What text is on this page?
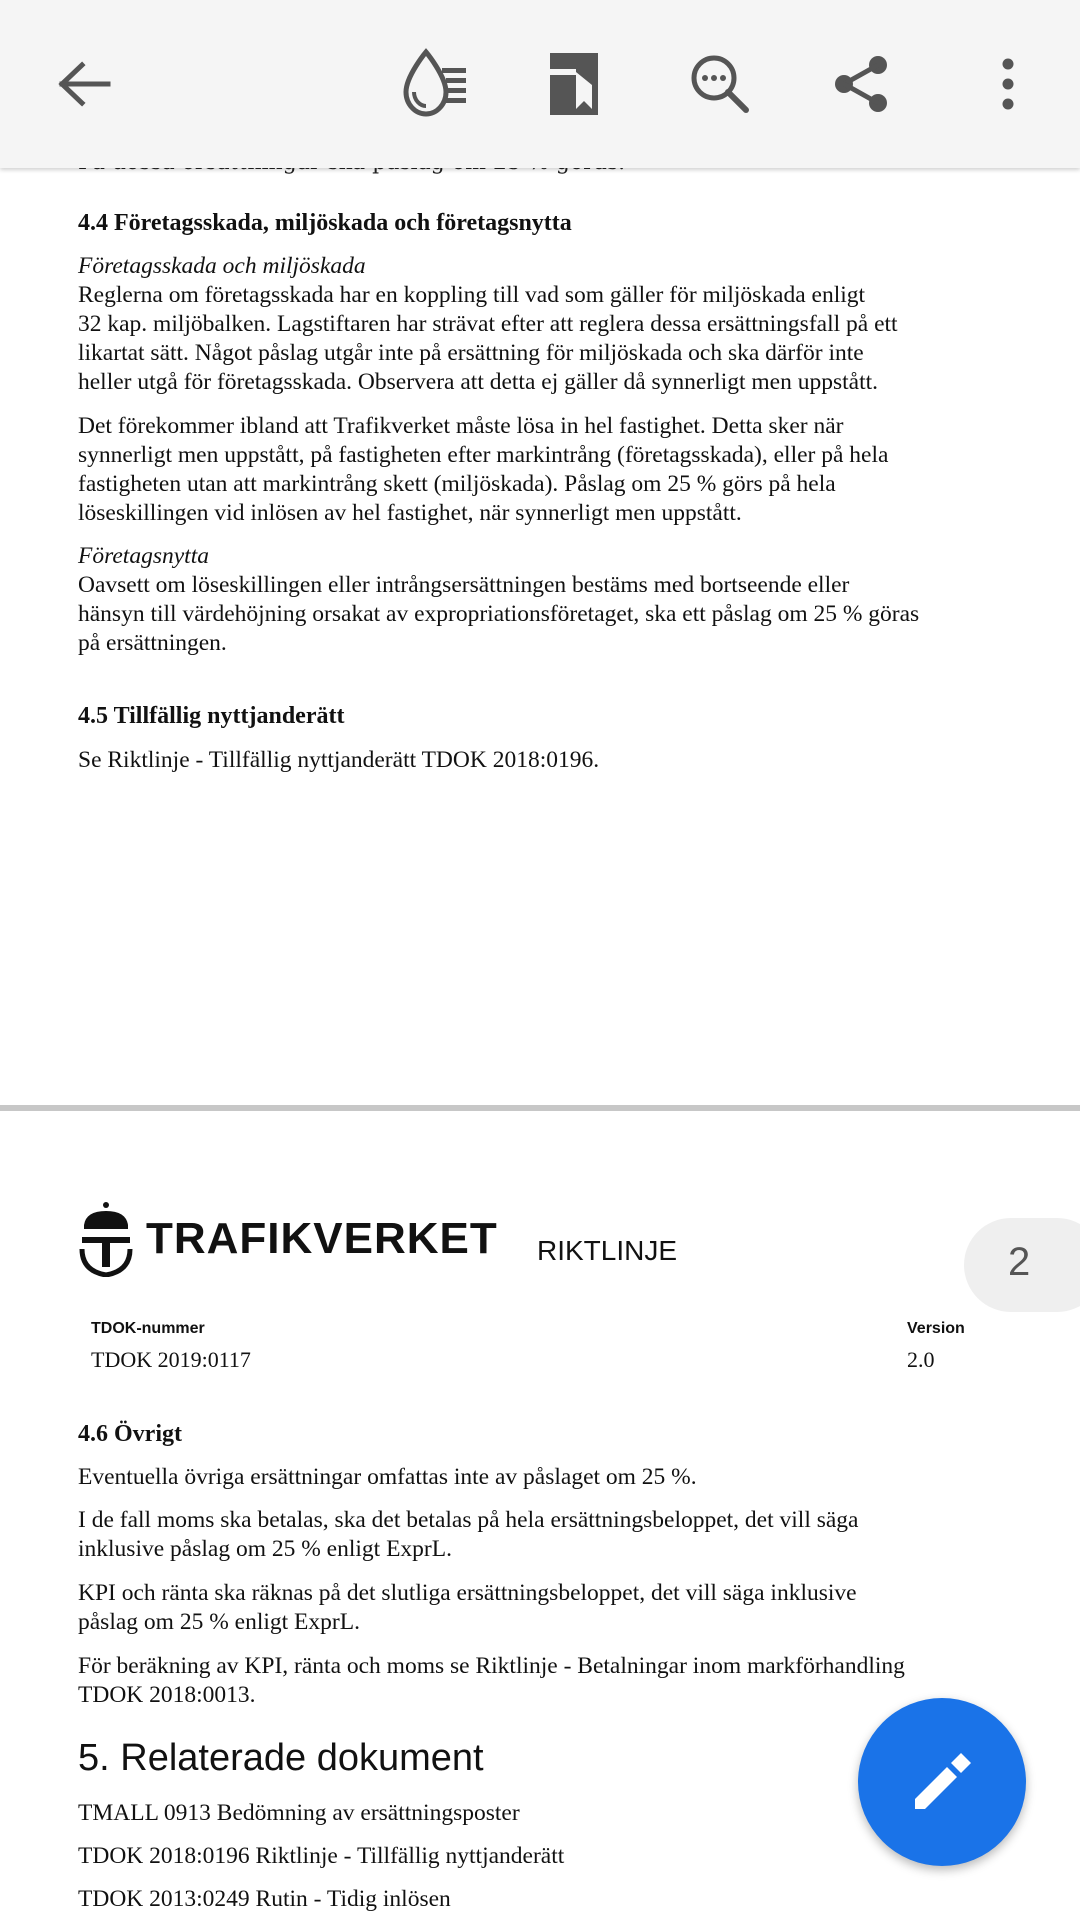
4.4 Företagsskada, miljöskada och företagsnytta
Företagsskada och miljöskada

Reglerna om företagsskada har en koppling till vad som gäller för miljöskada enligt
32 kap. miljöbalken. Lagstiftaren har strävat efter att reglera dessa ersättningsfall på ett
likartat sätt. Något påslag utgår inte på ersättning för miljöskada och ska därför inte
heller utgå för företagsskada. Observera att detta ej gäller då synnerligt men uppstått.

Det förekommer ibland att Trafikverket måste lösa in hel fastighet. Detta sker när
synnerligt men uppstått, på fastigheten efter markintrång (företagsskada), eller på hela
fastigheten utan att markintrång skett (miljöskada). Påslag om 25 % görs på hela
löseskillingen vid inlösen av hel fastighet, när synnerligt men uppstått.
Företagsnytta
Oavsett om löseskillingen eller intrångsersättningen bestäms med bortseende eller
hänsyn till värdehöjning orsakat av expropriationsföretaget, ska ett påslag om 25 % göras
på ersättningen.
4.5 Tillfällig nyttjanderätt
Se Riktlinje - Tillfällig nyttjanderätt TDOK 2018:0196.
TRAFIKVERKET RIKTLINJE
TDOK-nummer
TDOK 2019:0117
Version
2.0
4.6 Övrigt
Eventuella övriga ersättningar omfattas inte av påslaget om 25 %.
I de fall moms ska betalas, ska det betalas på hela ersättningsbeloppet, det vill säga
inklusive påslag om 25 % enligt ExprL.
KPI och ränta ska räknas på det slutliga ersättningsbeloppet, det vill säga inklusive
påslag om 25 % enligt ExprL.
För beräkning av KPI, ränta och moms se Riktlinje - Betalningar inom markförhandling
TDOK 2018:0013.
5. Relaterade dokument
TMALL 0913 Bedömning av ersättningsposter
TDOK 2018:0196 Riktlinje - Tillfällig nyttjanderätt
TDOK 2013:0249 Rutin - Tidig inlösen
2
